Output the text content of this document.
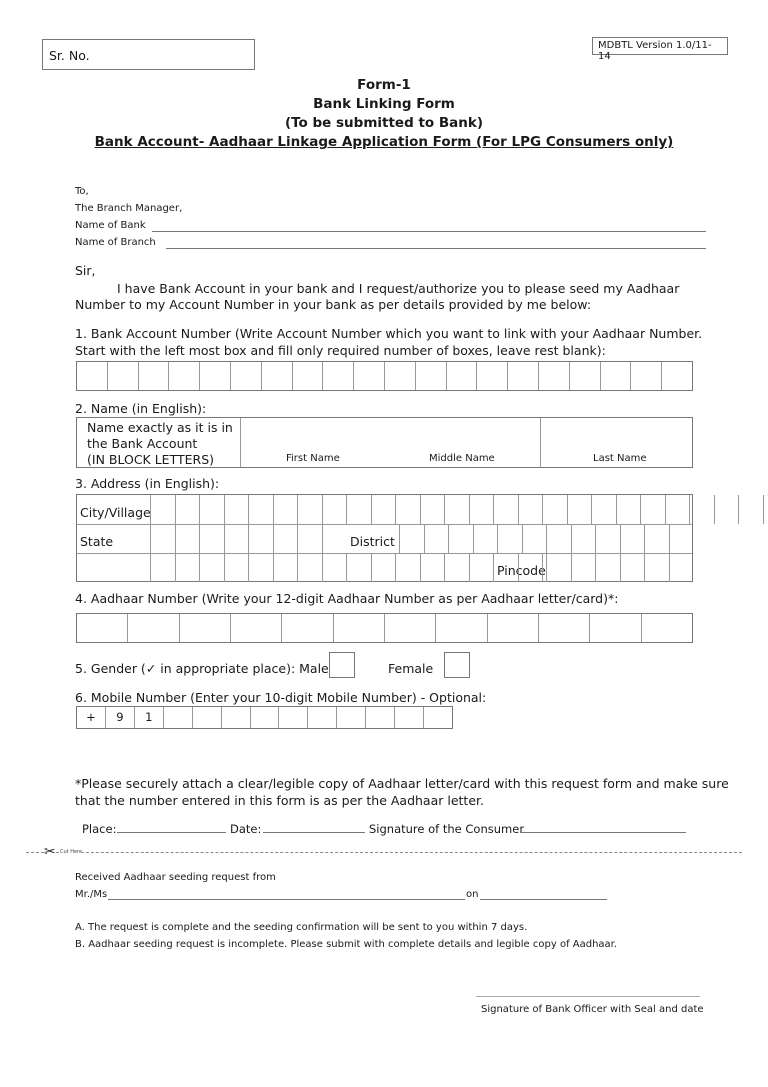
Sr. No.
MDBTL Version 1.0/11-14
Form-1
Bank Linking Form
(To be submitted to Bank)
Bank Account- Aadhaar Linkage Application Form (For LPG Consumers only)
To,
The Branch Manager,
Name of Bank
Name of Branch
Sir,
I have Bank Account in your bank and I request/authorize you to please seed my Aadhaar
Number to my Account Number in your bank as per details provided by me below:
1. Bank Account Number (Write Account Number which you want to link with your Aadhaar Number.
Start with the left most box and fill only required number of boxes, leave rest blank):
2. Name (in English):
Name exactly as it is in
the Bank Account
(IN BLOCK LETTERS)	First Name	Middle Name	Last Name
3. Address (in English):
City/Village
State	District
Pincode
4. Aadhaar Number (Write your 12-digit Aadhaar Number as per Aadhaar letter/card)*:
5. Gender (✓ in appropriate place): Male	Female
6. Mobile Number (Enter your 10-digit Mobile Number) - Optional:
+	9	1
*Please securely attach a clear/legible copy of Aadhaar letter/card with this request form and make sure
that the number entered in this form is as per the Aadhaar letter.
Place:	Date:	Signature of the Consumer
✂ Cut Here
Received Aadhaar seeding request from
Mr./Ms	on
A. The request is complete and the seeding confirmation will be sent to you within 7 days.
B. Aadhaar seeding request is incomplete. Please submit with complete details and legible copy of Aadhaar.
Signature of Bank Officer with Seal and date
